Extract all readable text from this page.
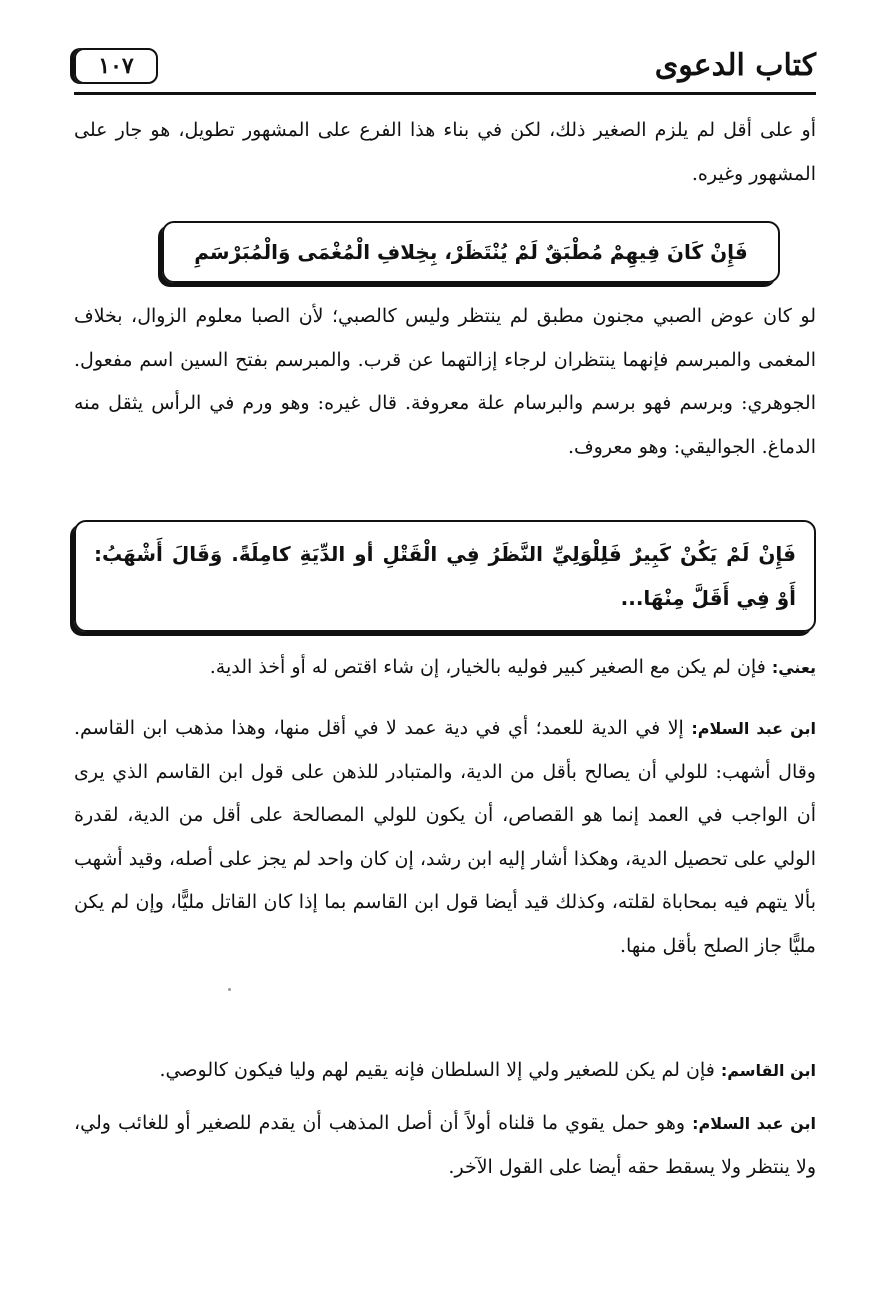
كتاب الدعوى
١٠٧
أو على أقل لم يلزم الصغير ذلك، لكن في بناء هذا الفرع على المشهور تطويل، هو جار على المشهور وغيره.
فَإِنْ كَانَ فِيهِمْ مُطْبَقٌ لَمْ يُنْتَظَرْ، بِخِلافِ الْمُغْمَى وَالْمُبَرْسَمِ
لو كان عوض الصبي مجنون مطبق لم ينتظر وليس كالصبي؛ لأن الصبا معلوم الزوال، بخلاف المغمى والمبرسم فإنهما ينتظران لرجاء إزالتهما عن قرب. والمبرسم بفتح السين اسم مفعول. الجوهري: وبرسم فهو برسم والبرسام علة معروفة. قال غيره: وهو ورم في الرأس يثقل منه الدماغ. الجواليقي: وهو معروف.
فَإِنْ لَمْ يَكُنْ كَبِيرٌ فَلِلْوَلِيِّ النَّظَرُ فِي الْقَتْلِ أو الدِّيَةِ كامِلَةً. وَقَالَ أَشْهَبُ: أَوْ فِي أَقَلَّ مِنْهَا...
يعني: فإن لم يكن مع الصغير كبير فوليه بالخيار، إن شاء اقتص له أو أخذ الدية.
ابن عبد السلام: إلا في الدية للعمد؛ أي في دية عمد لا في أقل منها، وهذا مذهب ابن القاسم. وقال أشهب: للولي أن يصالح بأقل من الدية، والمتبادر للذهن على قول ابن القاسم الذي يرى أن الواجب في العمد إنما هو القصاص، أن يكون للولي المصالحة على أقل من الدية، لقدرة الولي على تحصيل الدية، وهكذا أشار إليه ابن رشد، إن كان واحد لم يجز على أصله، وقيد أشهب بألا يتهم فيه بمحاباة لقلته، وكذلك قيد أيضا قول ابن القاسم بما إذا كان القاتل مليًّا، وإن لم يكن مليًّا جاز الصلح بأقل منها.
ابن القاسم: فإن لم يكن للصغير ولي إلا السلطان فإنه يقيم لهم وليا فيكون كالوصي.
ابن عبد السلام: وهو حمل يقوي ما قلناه أولاً أن أصل المذهب أن يقدم للصغير أو للغائب ولي، ولا ينتظر ولا يسقط حقه أيضا على القول الآخر.
